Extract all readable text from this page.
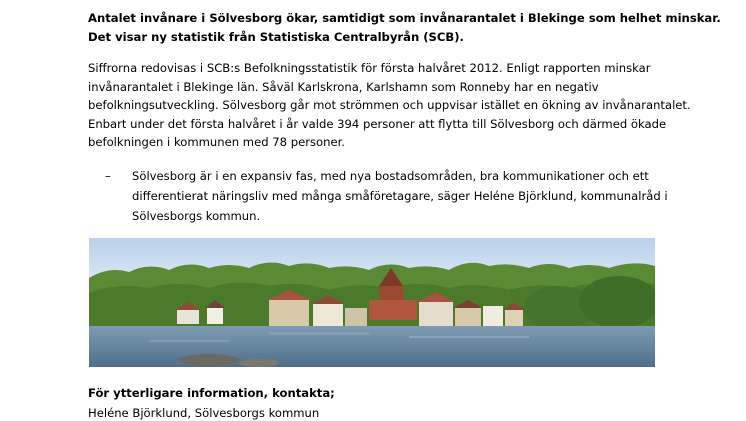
Antalet invånare i Sölvesborg ökar, samtidigt som invånarantalet i Blekinge som helhet minskar.
Det visar ny statistik från Statistiska Centralbyrån (SCB).

Siffrorna redovisas i SCB:s Befolkningsstatistik för första halvåret 2012. Enligt rapporten minskar
invånarantalet i Blekinge län. Såväl Karlskrona, Karlshamn som Ronneby har en negativ
befolkningsutveckling. Sölvesborg går mot strömmen och uppvisar istället en ökning av invånarantalet.
Enbart under det första halvåret i år valde 394 personer att flytta till Sölvesborg och därmed ökade
befolkningen i kommunen med 78 personer.

– Sölvesborg är i en expansiv fas, med nya bostadsområden, bra kommunikationer och ett
differentierat näringsliv med många småföretagare, säger Heléne Björklund, kommunalråd i
Sölvesborgs kommun.
För ytterligare information, kontakta;
Heléne Björklund, Sölvesborgs kommun
